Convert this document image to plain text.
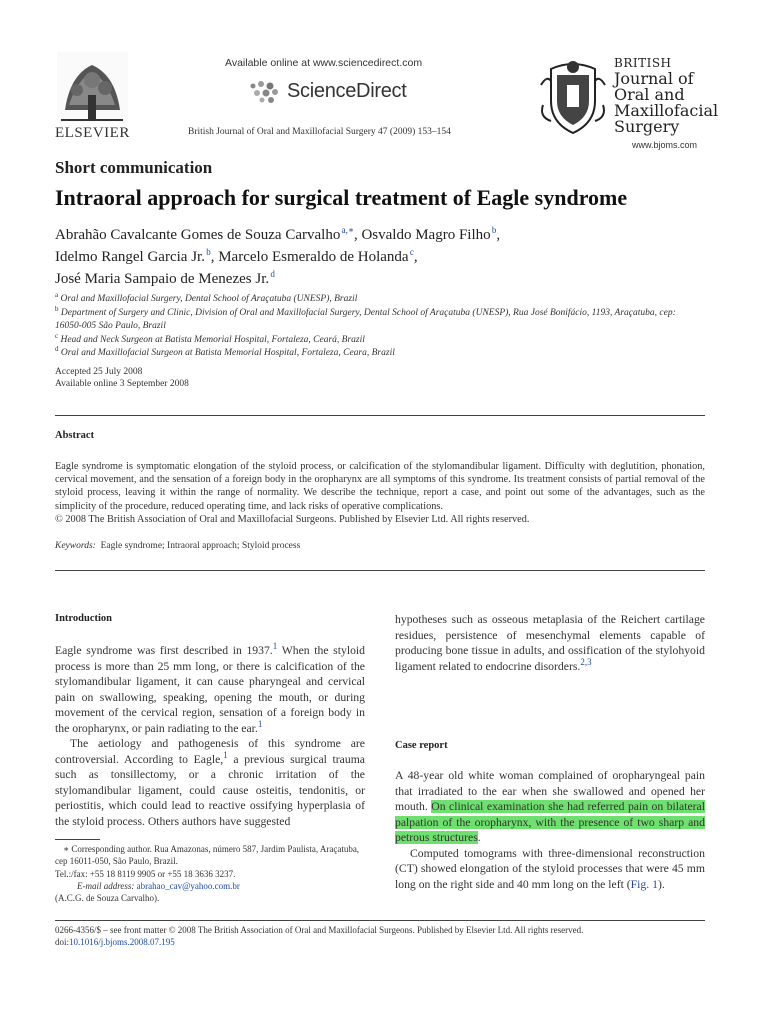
ELSEVIER
Available online at www.sciencedirect.com
ScienceDirect
British Journal of Oral and Maxillofacial Surgery 47 (2009) 153–154
BRITISH
Journal of
Oral and
Maxillofacial
Surgery
www.bjoms.com
Short communication
Intraoral approach for surgical treatment of Eagle syndrome
Abrahão Cavalcante Gomes de Souza Carvalho $^{a,∗}$, Osvaldo Magro Filho $^b$,
Idelmo Rangel Garcia Jr. $^b$, Marcelo Esmeraldo de Holanda $^c$,
José Maria Sampaio de Menezes Jr. $^d$
$^a$ Oral and Maxillofacial Surgery, Dental School of Araçatuba (UNESP), Brazil
$^b$ Department of Surgery and Clinic, Division of Oral and Maxillofacial Surgery, Dental School of Araçatuba (UNESP), Rua José Bonifácio, 1193, Araçatuba, cep: 16050-005 São Paulo, Brazil
$^c$ Head and Neck Surgeon at Batista Memorial Hospital, Fortaleza, Ceará, Brazil
$^d$ Oral and Maxillofacial Surgeon at Batista Memorial Hospital, Fortaleza, Ceara, Brazil
Accepted 25 July 2008
Available online 3 September 2008
Abstract
Eagle syndrome is symptomatic elongation of the styloid process, or calcification of the stylomandibular ligament. Difficulty with deglutition, phonation, cervical movement, and the sensation of a foreign body in the oropharynx are all symptoms of this syndrome. Its treatment consists of partial removal of the styloid process, leaving it within the range of normality. We describe the technique, report a case, and point out some of the advantages, such as the simplicity of the procedure, reduced operating time, and lack risks of operative complications.
© 2008 The British Association of Oral and Maxillofacial Surgeons. Published by Elsevier Ltd. All rights reserved.
Keywords: Eagle syndrome; Intraoral approach; Styloid process
Introduction

Eagle syndrome was first described in 1937.$^1$ When the styloid process is more than 25 mm long, or there is calcification of the stylomandibular ligament, it can cause pharyngeal and cervical pain on swallowing, speaking, opening the mouth, or during movement of the cervical region, sensation of a foreign body in the oropharynx, or pain radiating to the ear.$^1$

The aetiology and pathogenesis of this syndrome are controversial. According to Eagle,$^1$ a previous surgical trauma such as tonsillectomy, or a chronic irritation of the stylomandibular ligament, could cause osteitis, tendonitis, or periostitis, which could lead to reactive ossifying hyperplasia of the styloid process. Others authors have suggested

∗ Corresponding author. Rua Amazonas, número 587, Jardim Paulista, Araçatuba, cep 16011-050, São Paulo, Brazil.
Tel.:/fax: +55 18 8119 9905 or +55 18 3636 3237.
E-mail address: abrahao_cav@yahoo.com.br
(A.C.G. de Souza Carvalho).

hypotheses such as osseous metaplasia of the Reichert cartilage residues, persistence of mesenchymal elements capable of producing bone tissue in adults, and ossification of the stylohyoid ligament related to endocrine disorders.$^{2,3}$

Case report

A 48-year old white woman complained of oropharyngeal pain that irradiated to the ear when she swallowed and opened her mouth. On clinical examination she had referred pain on bilateral palpation of the oropharynx, with the presence of two sharp and petrous structures.

Computed tomograms with three-dimensional reconstruction (CT) showed elongation of the styloid processes that were 45 mm long on the right side and 40 mm long on the left (Fig. 1).

0266-4356/$ – see front matter © 2008 The British Association of Oral and Maxillofacial Surgeons. Published by Elsevier Ltd. All rights reserved.
doi:10.1016/j.bjoms.2008.07.195
